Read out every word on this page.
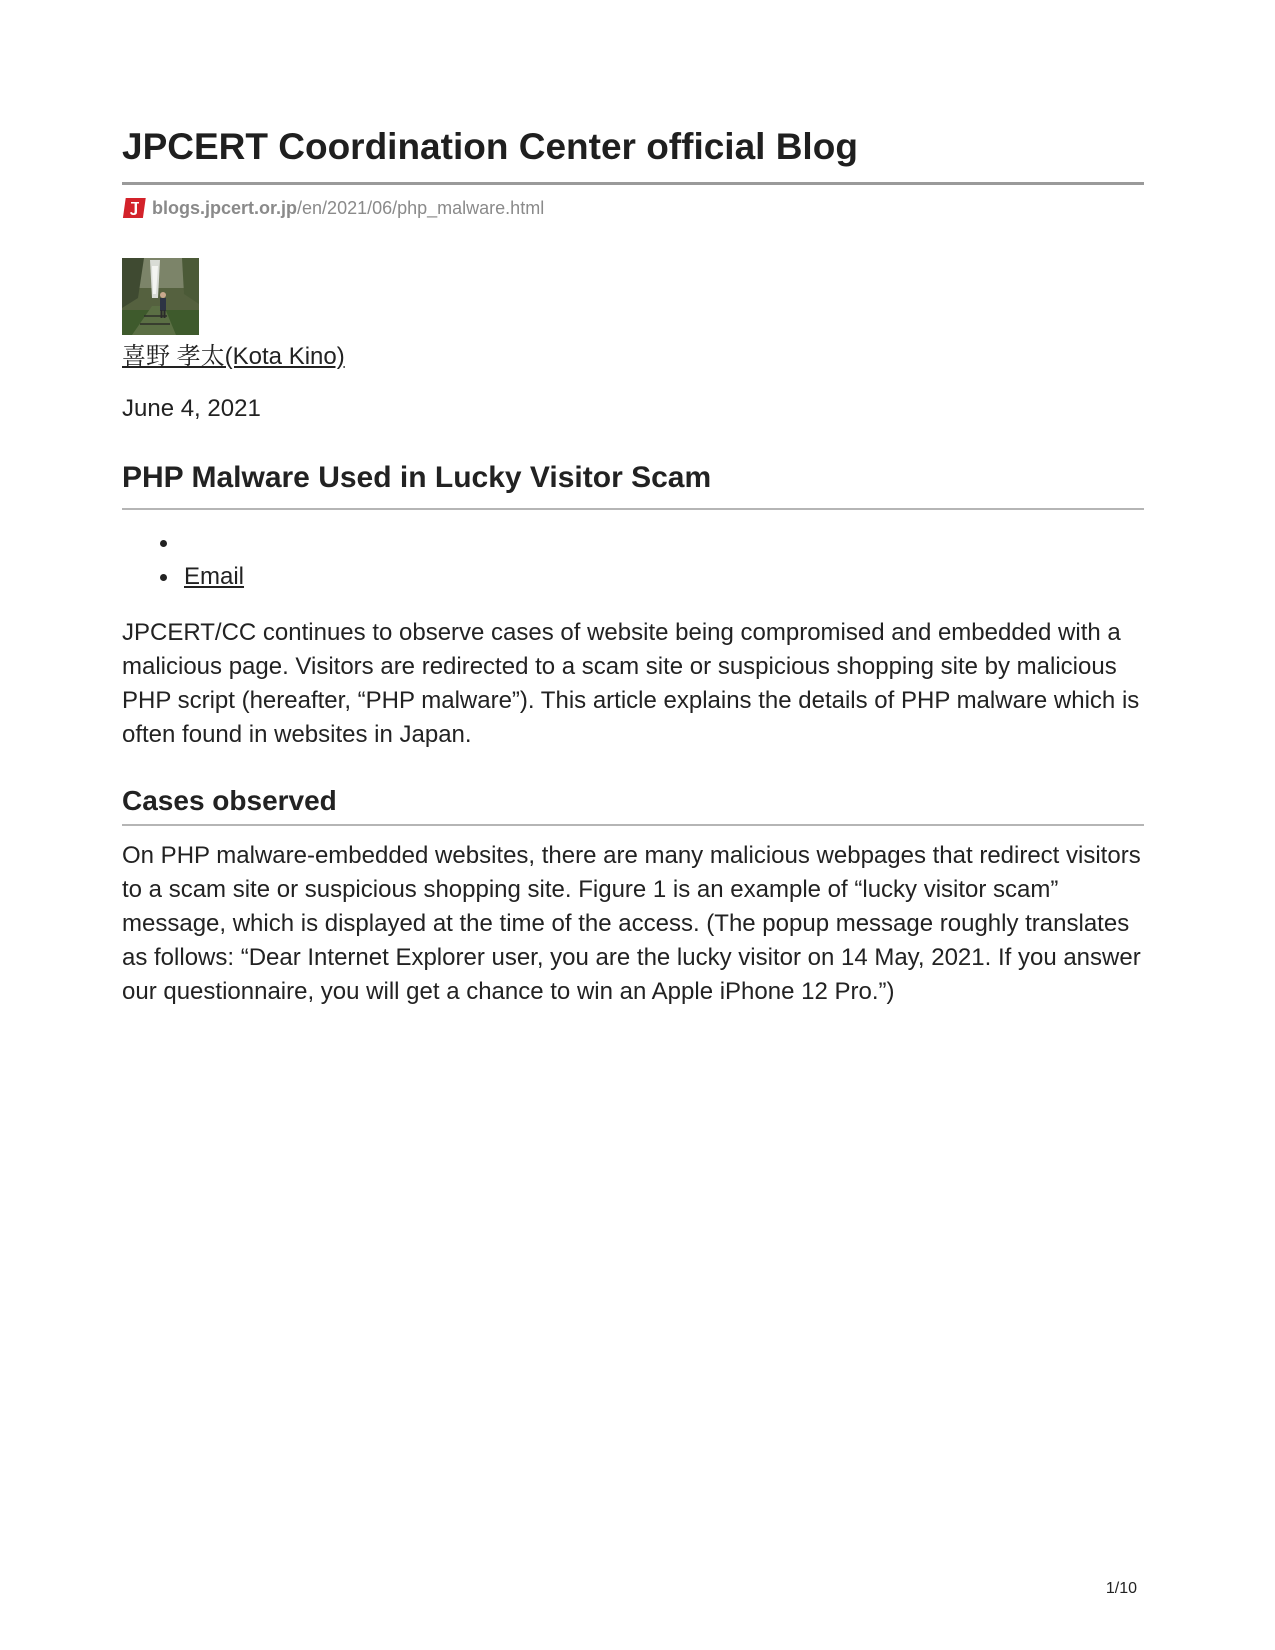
JPCERT Coordination Center official Blog
blogs.jpcert.or.jp /en/2021/06/php_malware.html
喜野 孝太(Kota Kino)
June 4, 2021
PHP Malware Used in Lucky Visitor Scam
Email

JPCERT/CC continues to observe cases of website being compromised and embedded with a malicious page. Visitors are redirected to a scam site or suspicious shopping site by malicious PHP script (hereafter, “PHP malware”). This article explains the details of PHP malware which is often found in websites in Japan.

Cases observed

On PHP malware-embedded websites, there are many malicious webpages that redirect visitors to a scam site or suspicious shopping site. Figure 1 is an example of “lucky visitor scam” message, which is displayed at the time of the access. (The popup message roughly translates as follows: “Dear Internet Explorer user, you are the lucky visitor on 14 May, 2021. If you answer our questionnaire, you will get a chance to win an Apple iPhone 12 Pro.”)

1/10
